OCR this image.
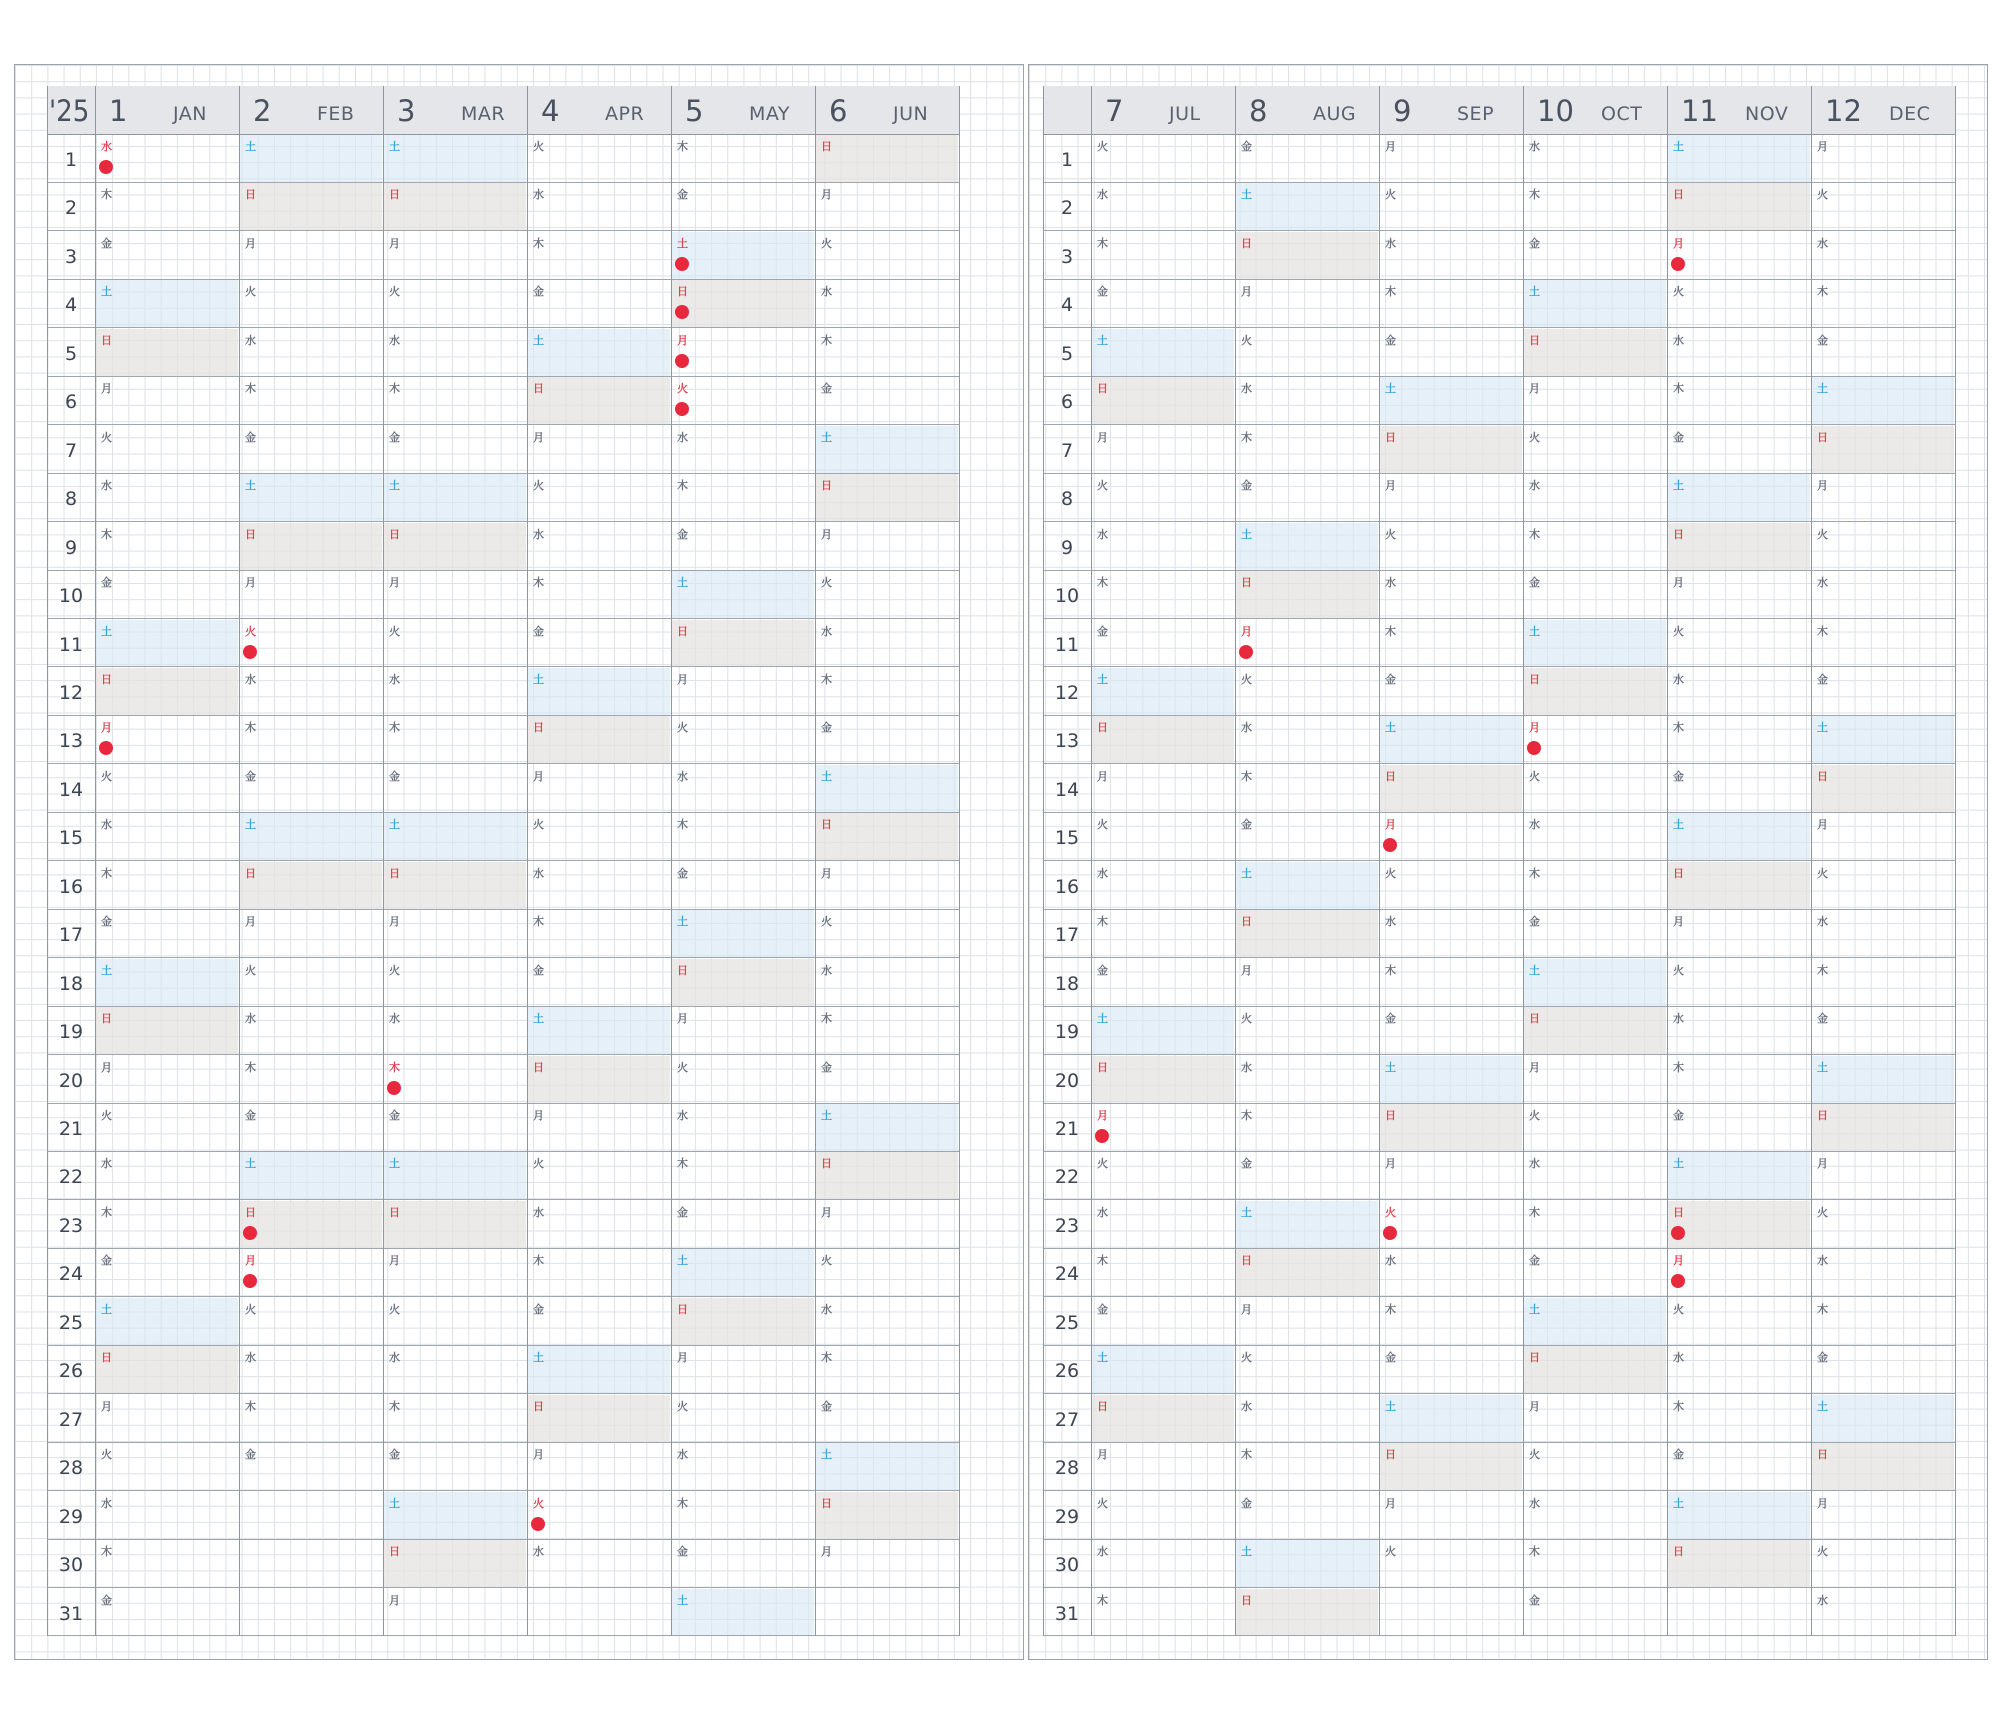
'25
1
2
3
4
5
6
7
8
9
10
11
12
13
14
15
16
17
18
19
20
21
22
23
24
25
26
27
28
29
30
31
1 JAN
水
木
金
土
日
月
火
水
木
金
土
日
月
火
水
木
金
土
日
月
火
水
木
金
土
日
月
火
水
木
金
2 FEB
土
日
月
火
水
木
金
土
日
月
火
水
木
金
土
日
月
火
水
木
金
土
日
月
火
水
木
金
3 MAR
土
日
月
火
水
木
金
土
日
月
火
水
木
金
土
日
月
火
水
木
金
土
日
月
火
水
木
金
土
日
月
4 APR
火
水
木
金
土
日
月
火
水
木
金
土
日
月
火
水
木
金
土
日
月
火
水
木
金
土
日
月
火
水
5 MAY
木
金
土
日
月
火
水
木
金
土
日
月
火
水
木
金
土
日
月
火
水
木
金
土
日
月
火
水
木
金
土
6 JUN
日
月
火
水
木
金
土
日
月
火
水
木
金
土
日
月
火
水
木
金
土
日
月
火
水
木
金
土
日
月
1
2
3
4
5
6
7
8
9
10
11
12
13
14
15
16
17
18
19
20
21
22
23
24
25
26
27
28
29
30
31
7 JUL
火
水
木
金
土
日
月
火
水
木
金
土
日
月
火
水
木
金
土
日
月
火
水
木
金
土
日
月
火
水
木
8 AUG
金
土
日
月
火
水
木
金
土
日
月
火
水
木
金
土
日
月
火
水
木
金
土
日
月
火
水
木
金
土
日
9 SEP
月
火
水
木
金
土
日
月
火
水
木
金
土
日
月
火
水
木
金
土
日
月
火
水
木
金
土
日
月
火
10 OCT
水
木
金
土
日
月
火
水
木
金
土
日
月
火
水
木
金
土
日
月
火
水
木
金
土
日
月
火
水
木
金
11 NOV
土
日
月
火
水
木
金
土
日
月
火
水
木
金
土
日
月
火
水
木
金
土
日
月
火
水
木
金
土
日
12 DEC
月
火
水
木
金
土
日
月
火
水
木
金
土
日
月
火
水
木
金
土
日
月
火
水
木
金
土
日
月
火
水
